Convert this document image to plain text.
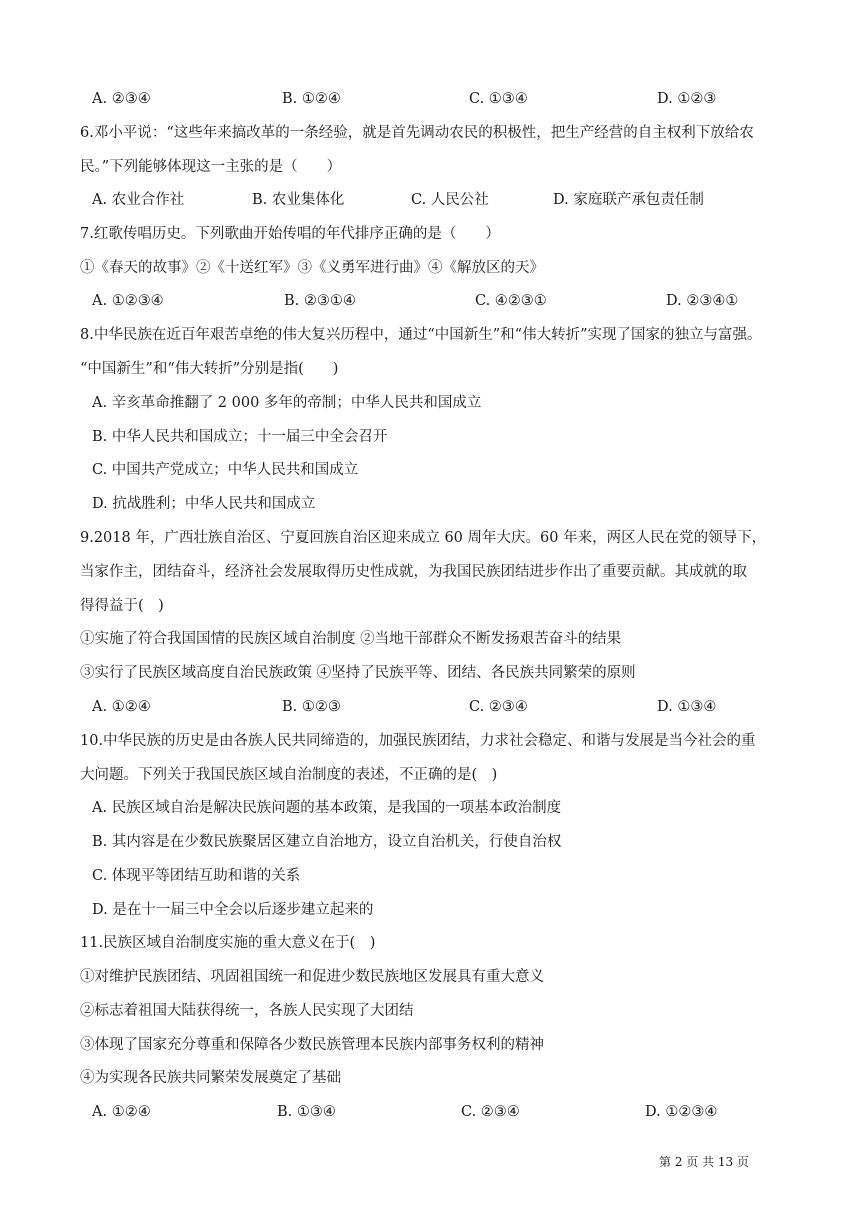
A. ②③④	B. ①②④	C. ①③④	D. ①②③
6.邓小平说：“这些年来搞改革的一条经验，就是首先调动农民的积极性，把生产经营的自主权利下放给农
民。”下列能够体现这一主张的是（　　）
A. 农业合作社	B. 农业集体化	C. 人民公社	D. 家庭联产承包责任制
7.红歌传唱历史。下列歌曲开始传唱的年代排序正确的是（　　）
①《春天的故事》②《十送红军》③《义勇军进行曲》④《解放区的天》
A. ①②③④	B. ②③①④	C. ④②③①	D. ②③④①
8.中华民族在近百年艰苦卓绝的伟大复兴历程中，通过“中国新生”和“伟大转折”实现了国家的独立与富强。
“中国新生”和“伟大转折”分别是指(　　)
A. 辛亥革命推翻了 2 000 多年的帝制；中华人民共和国成立
B. 中华人民共和国成立；十一届三中全会召开
C. 中国共产党成立；中华人民共和国成立
D. 抗战胜利；中华人民共和国成立
9.2018 年，广西壮族自治区、宁夏回族自治区迎来成立 60 周年大庆。60 年来，两区人民在党的领导下，
当家作主，团结奋斗，经济社会发展取得历史性成就，为我国民族团结进步作出了重要贡献。其成就的取
得得益于(　)
①实施了符合我国国情的民族区域自治制度 ②当地干部群众不断发扬艰苦奋斗的结果
③实行了民族区域高度自治民族政策 ④坚持了民族平等、团结、各民族共同繁荣的原则
A. ①②④	B. ①②③	C. ②③④	D. ①③④
10.中华民族的历史是由各族人民共同缔造的，加强民族团结，力求社会稳定、和谐与发展是当今社会的重
大问题。下列关于我国民族区域自治制度的表述，不正确的是(　)
A. 民族区域自治是解决民族问题的基本政策，是我国的一项基本政治制度
B. 其内容是在少数民族聚居区建立自治地方，设立自治机关，行使自治权
C. 体现平等团结互助和谐的关系
D. 是在十一届三中全会以后逐步建立起来的
11.民族区域自治制度实施的重大意义在于(　)
①对维护民族团结、巩固祖国统一和促进少数民族地区发展具有重大意义
②标志着祖国大陆获得统一，各族人民实现了大团结
③体现了国家充分尊重和保障各少数民族管理本民族内部事务权利的精神
④为实现各民族共同繁荣发展奠定了基础
A. ①②④	B. ①③④	C. ②③④	D. ①②③④
第 2 页 共 13 页
